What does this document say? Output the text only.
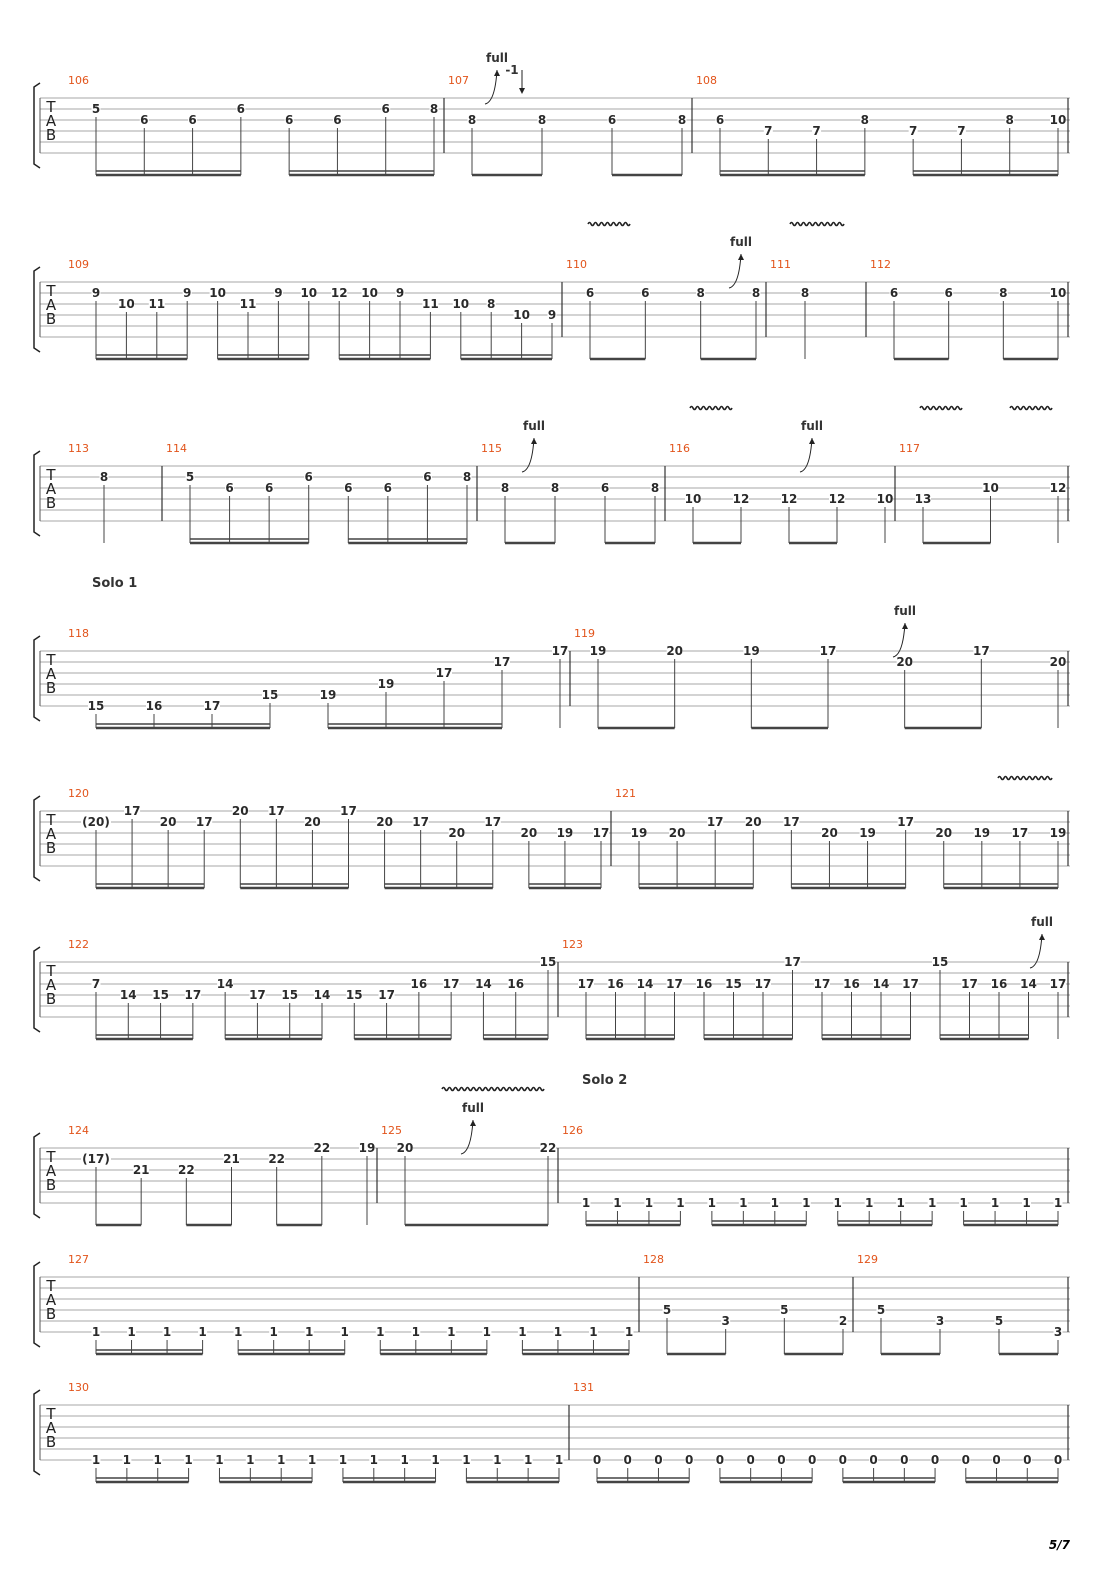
T
A
B
106
5
6	6
6
6	6
6	8
107
8	8	6	8
108
6
7	7
8
7	7
8	10
full
-1
T
A
B
109
9
10 11
9 10
11
9 10 12 10 9
11 10 8
10 9
110
6	6	8	8
111
8
112
6	6	8	10
full
T
A
B
113
8
114
5
6	6
6
6	6
6	8
115
8	8	6	8
116
10	12	12	12	10
117
13
10	12
full	full
T
A
B
Solo 1
118
15	16	17
15	19
19
17
17
17
119
19	20	19	17
20
17
20
full
T
A
B
120
(20)
17
20 17
20 17
20
17
20 17
20
17
20 19 17
121
19 20
17 20 17
20 19
17
20 19 17 19
T
A
B
122
7
14 15 17
14
17 15 14 15 17
16 17 14 16
15
123
17 16 14 17 16 15 17
17
17 16 14 17
15
17 16 14 17
full
T
A
B
Solo 2
124
(17)
21 22
21 22
22 19
125
20	22
126
1 1 1 1 1 1 1 1 1 1 1 1 1 1 1 1
full
T
A
B
127
1 1 1 1 1 1 1 1 1 1 1 1 1 1 1 1
128
5
3
5
2
129
5
3	5
3
T
A
B
130
1 1 1 1 1 1 1 1 1 1 1 1 1 1 1 1
131
0 0 0 0 0 0 0 0 0 0 0 0 0 0 0 0
5/7
